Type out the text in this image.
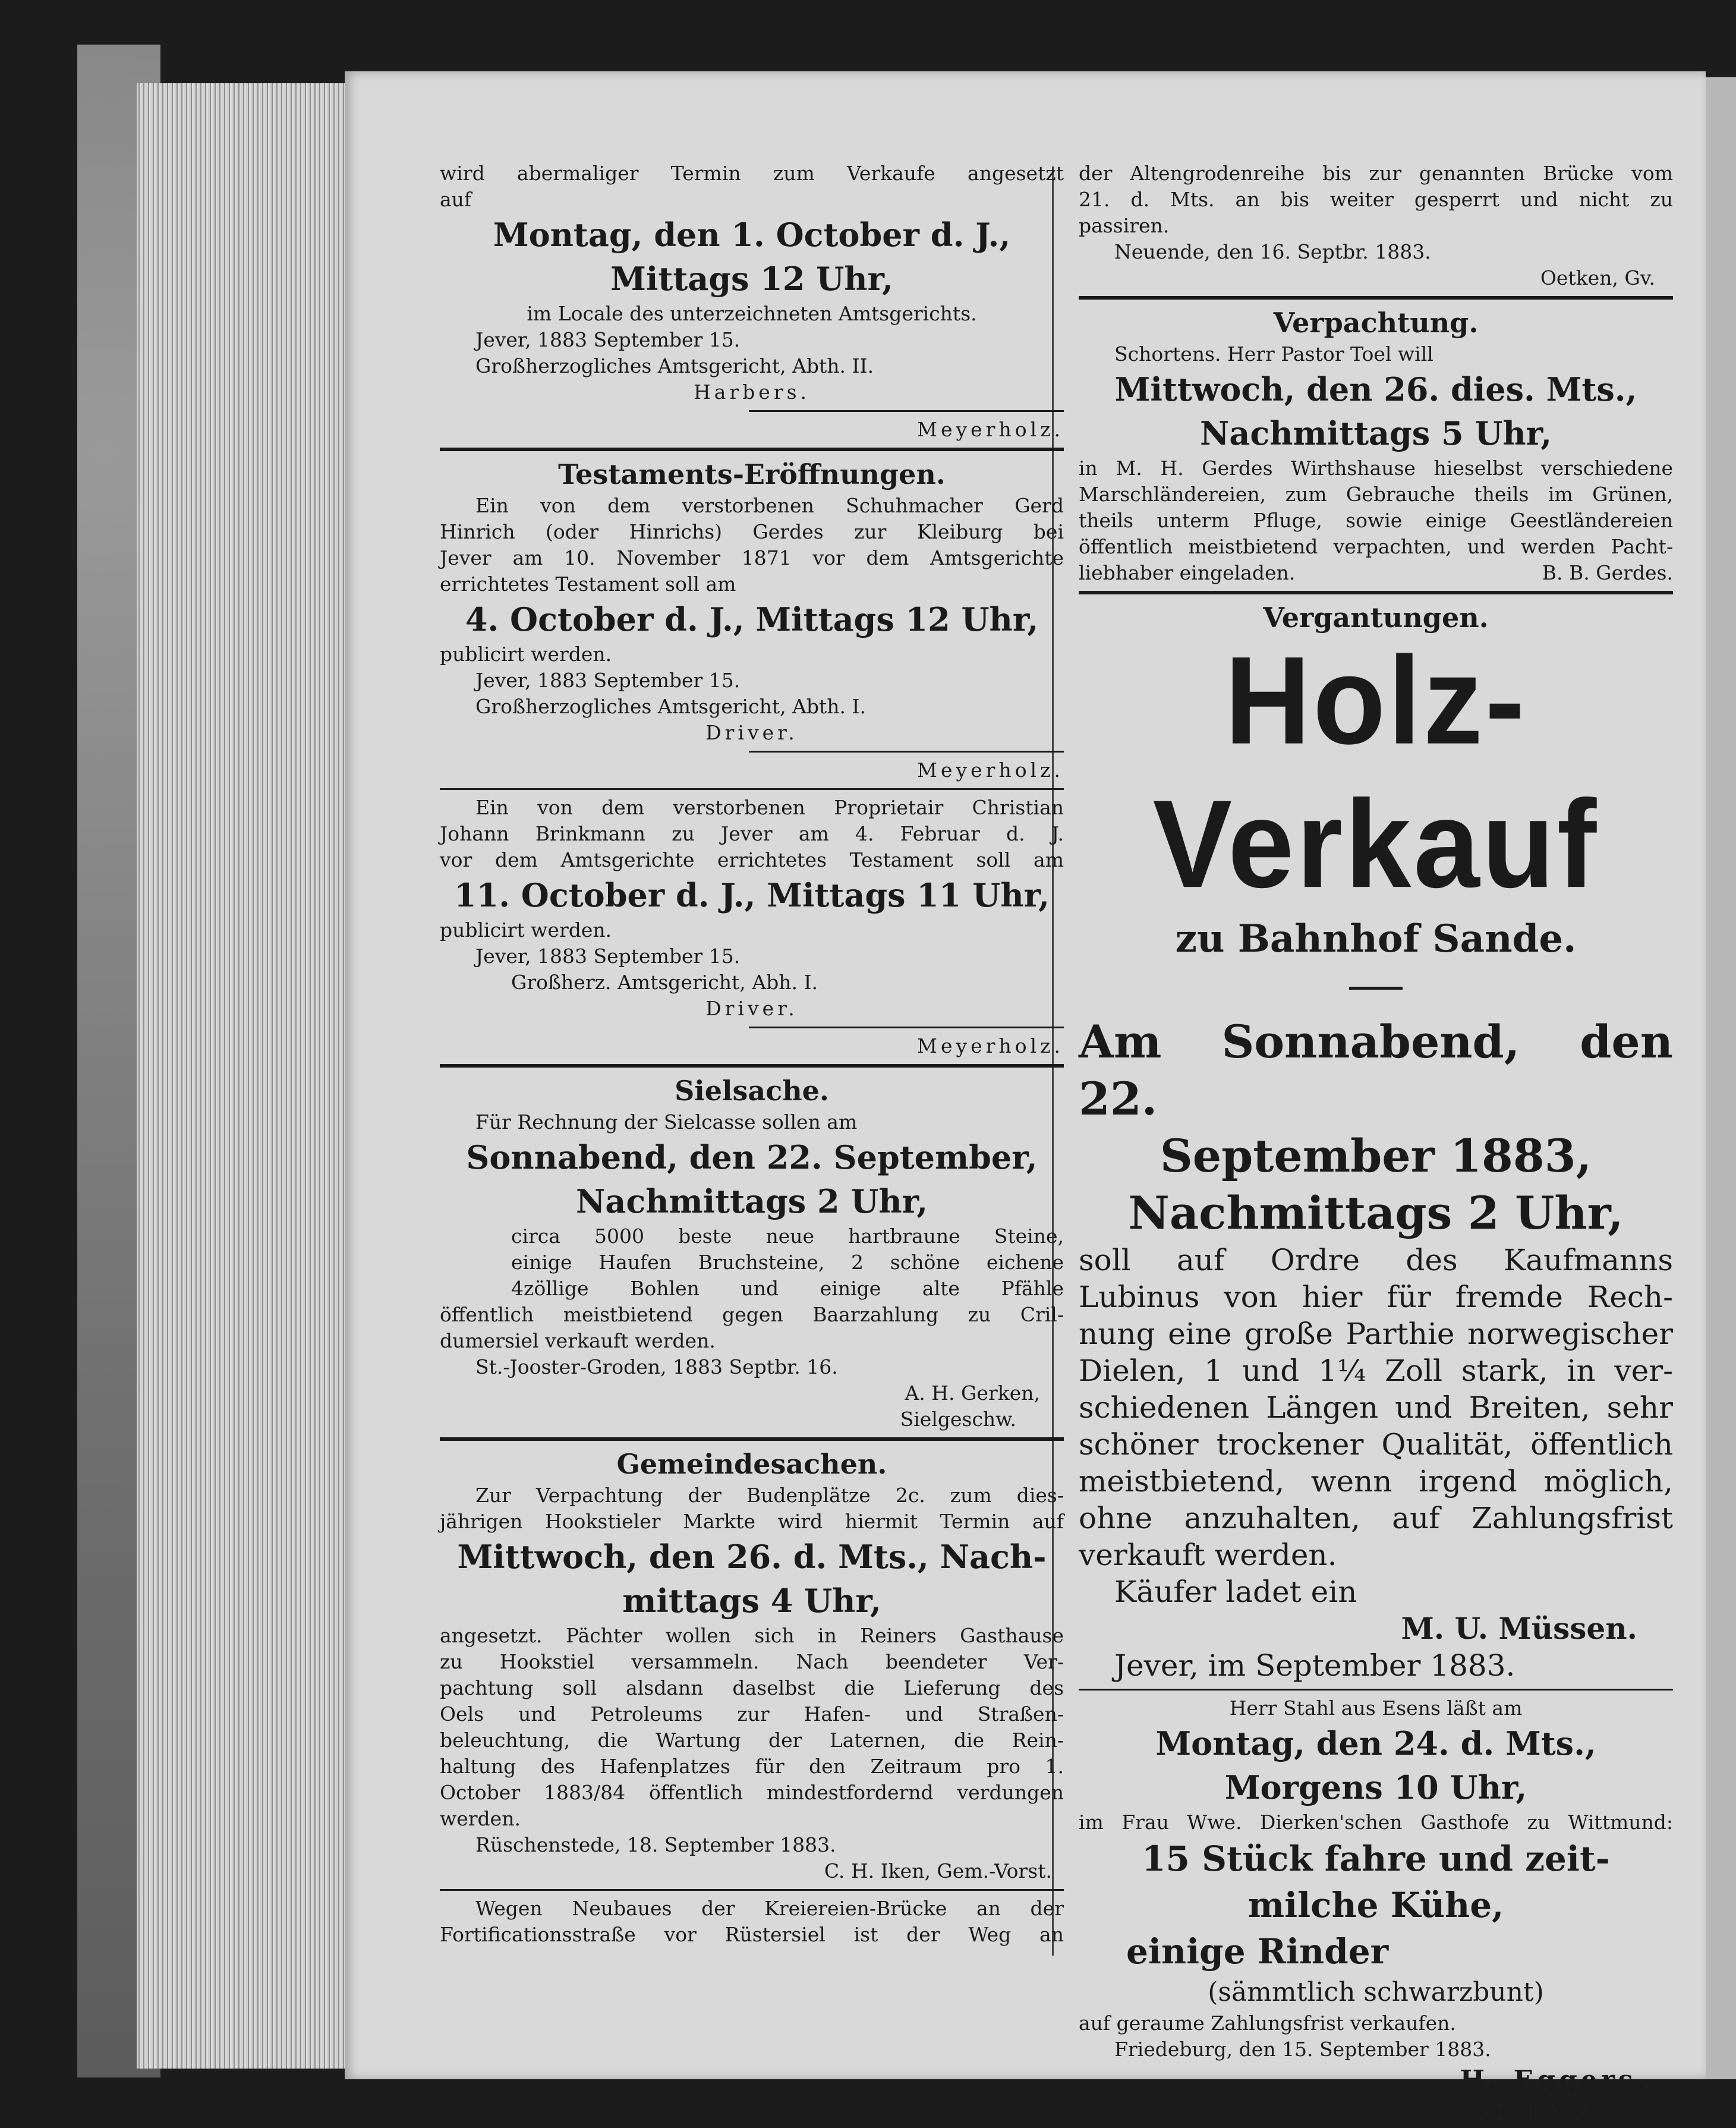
wird abermaliger Termin zum Verkaufe angesetzt
auf
Montag, den 1. October d. J.,
Mittags 12 Uhr,
im Locale des unterzeichneten Amtsgerichts.
Jever, 1883 September 15.
Großherzogliches Amtsgericht, Abth. II.
Harbers.
Meyerholz.
Testaments-Eröffnungen.
Ein von dem verstorbenen Schuhmacher Gerd
Hinrich (oder Hinrichs) Gerdes zur Kleiburg bei
Jever am 10. November 1871 vor dem Amtsgerichte
errichtetes Testament soll am
4. October d. J., Mittags 12 Uhr,
publicirt werden.
Jever, 1883 September 15.
Großherzogliches Amtsgericht, Abth. I.
Driver.
Meyerholz.
Ein von dem verstorbenen Proprietair Christian
Johann Brinkmann zu Jever am 4. Februar d. J.
vor dem Amtsgerichte errichtetes Testament soll am
11. October d. J., Mittags 11 Uhr,
publicirt werden.
Jever, 1883 September 15.
Großherz. Amtsgericht, Abh. I.
Driver.
Meyerholz.
Sielsache.
Für Rechnung der Sielcasse sollen am
Sonnabend, den 22. September,
Nachmittags 2 Uhr,
circa 5000 beste neue hartbraune Steine,
einige Haufen Bruchsteine, 2 schöne eichene
4zöllige Bohlen und einige alte Pfähle
öffentlich meistbietend gegen Baarzahlung zu Cril-
dumersiel verkauft werden.
St.-Jooster-Groden, 1883 Septbr. 16.
A. H. Gerken,
Sielgeschw.
Gemeindesachen.
Zur Verpachtung der Budenplätze 2c. zum dies-
jährigen Hookstieler Markte wird hiermit Termin auf
Mittwoch, den 26. d. Mts., Nach-
mittags 4 Uhr,
angesetzt. Pächter wollen sich in Reiners Gasthause
zu Hookstiel versammeln. Nach beendeter Ver-
pachtung soll alsdann daselbst die Lieferung des
Oels und Petroleums zur Hafen- und Straßen-
beleuchtung, die Wartung der Laternen, die Rein-
haltung des Hafenplatzes für den Zeitraum pro 1.
October 1883/84 öffentlich mindestfordernd verdungen
werden.
Rüschenstede, 18. September 1883.
C. H. Iken, Gem.-Vorst.
Wegen Neubaues der Kreiereien-Brücke an der
Fortificationsstraße vor Rüstersiel ist der Weg an
der Altengrodenreihe bis zur genannten Brücke vom
21. d. Mts. an bis weiter gesperrt und nicht zu
passiren.
Neuende, den 16. Septbr. 1883.
Oetken, Gv.
Verpachtung.
Schortens. Herr Pastor Toel will
Mittwoch, den 26. dies. Mts.,
Nachmittags 5 Uhr,
in M. H. Gerdes Wirthshause hieselbst verschiedene
Marschländereien, zum Gebrauche theils im Grünen,
theils unterm Pfluge, sowie einige Geestländereien
öffentlich meistbietend verpachten, und werden Pacht-
liebhaber eingeladen.	B. B. Gerdes.
Vergantungen.
Holz-Verkauf
zu Bahnhof Sande.
Am Sonnabend, den 22.
September 1883,
Nachmittags 2 Uhr,
soll auf Ordre des Kaufmanns
Lubinus von hier für fremde Rech-
nung eine große Parthie norwegischer
Dielen, 1 und 1¼ Zoll stark, in ver-
schiedenen Längen und Breiten, sehr
schöner trockener Qualität, öffentlich
meistbietend, wenn irgend möglich,
ohne anzuhalten, auf Zahlungsfrist
verkauft werden.
Käufer ladet ein
M. U. Müssen.
Jever, im September 1883.
Herr Stahl aus Esens läßt am
Montag, den 24. d. Mts.,
Morgens 10 Uhr,
im Frau Wwe. Dierken'schen Gasthofe zu Wittmund:
15 Stück fahre und zeit-
milche Kühe,
einige Rinder
(sämmtlich schwarzbunt)
auf geraume Zahlungsfrist verkaufen.
Friedeburg, den 15. September 1883.
H. Eggers,
Königl. Auct.
